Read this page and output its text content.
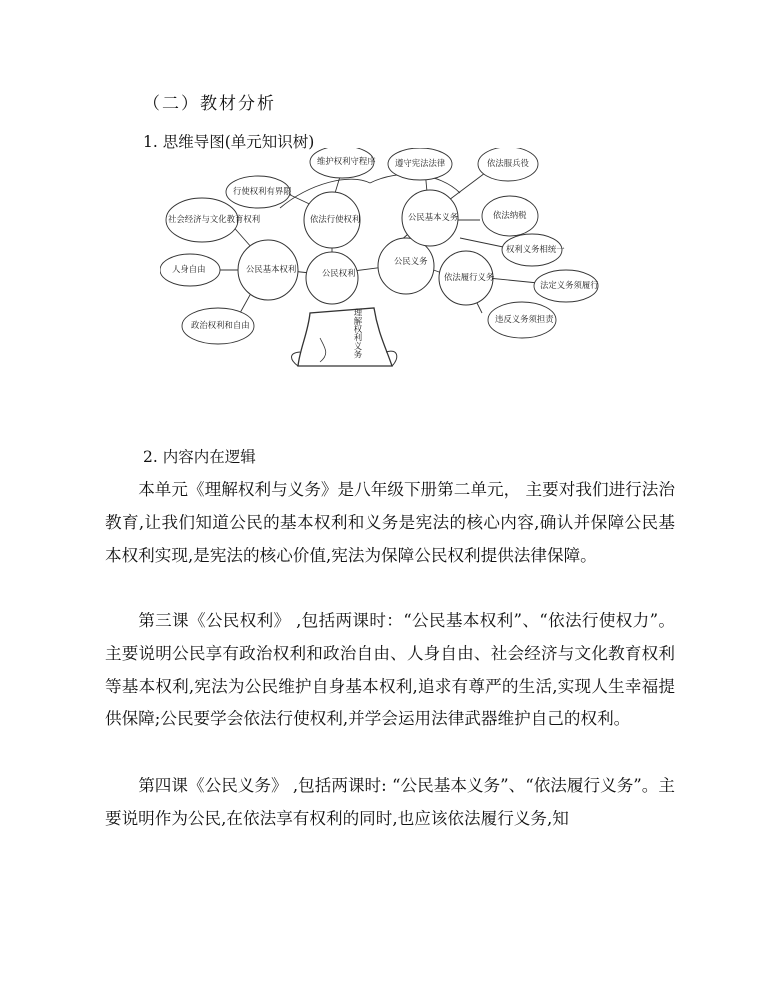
（二）教材分析
1. 思维导图(单元知识树)
理解权利义务
公民权利
公民义务
公民基本权利
依法行使权利	公民基本义务
依法履行义务
维护权利守程序
行使权利有界限
社会经济与文化教育权利
人身自由
政治权利和自由
遵守宪法法律	依法服兵役
依法纳税
权利义务相统一
法定义务须履行
违反义务须担责
2. 内容内在逻辑
本单元《理解权利与义务》是八年级下册第二单元， 主要对我们进行法治教育,让我们知道公民的基本权利和义务是宪法的核心内容,确认并保障公民基本权利实现,是宪法的核心价值,宪法为保障公民权利提供法律保障。
第三课《公民权利》 ,包括两课时：“公民基本权利”、“依法行使权力”。主要说明公民享有政治权利和政治自由、人身自由、社会经济与文化教育权利等基本权利,宪法为公民维护自身基本权利,追求有尊严的生活,实现人生幸福提供保障;公民要学会依法行使权利,并学会运用法律武器维护自己的权利。
第四课《公民义务》 ,包括两课时: “公民基本义务”、“依法履行义务”。主要说明作为公民,在依法享有权利的同时,也应该依法履行义务,知
